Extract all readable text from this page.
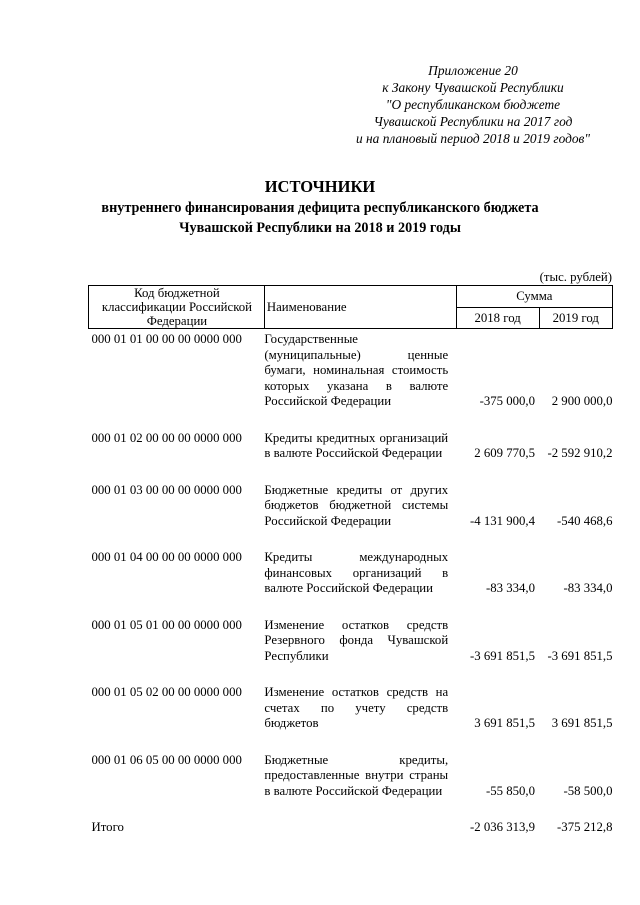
Приложение 20
к Закону Чувашской Республики
"О республиканском бюджете
Чувашской Республики на 2017 год
и на плановый период 2018 и 2019 годов"
ИСТОЧНИКИ
внутреннего финансирования дефицита республиканского бюджета
Чувашской Республики на 2018 и 2019 годы
(тыс. рублей)
Код бюджетной классификации Российской Федерации	Наименование	Сумма	
		2018 год	2019 год
000 01 01 00 00 00 0000 000	Государственные (муниципальные) ценные бумаги, номинальная стоимость которых указана в валюте Российской Федерации	-375 000,0	2 900 000,0
000 01 02 00 00 00 0000 000	Кредиты кредитных организаций в валюте Российской Федерации	2 609 770,5	-2 592 910,2
000 01 03 00 00 00 0000 000	Бюджетные кредиты от других бюджетов бюджетной системы Российской Федерации	-4 131 900,4	-540 468,6
000 01 04 00 00 00 0000 000	Кредиты международных финансовых организаций в валюте Российской Федерации	-83 334,0	-83 334,0
000 01 05 01 00 00 0000 000	Изменение остатков средств Резервного фонда Чувашской Республики	-3 691 851,5	-3 691 851,5
000 01 05 02 00 00 0000 000	Изменение остатков средств на счетах по учету средств бюджетов	3 691 851,5	3 691 851,5
000 01 06 05 00 00 0000 000	Бюджетные кредиты, предоставленные внутри страны в валюте Российской Федерации	-55 850,0	-58 500,0
Итого		-2 036 313,9	-375 212,8
